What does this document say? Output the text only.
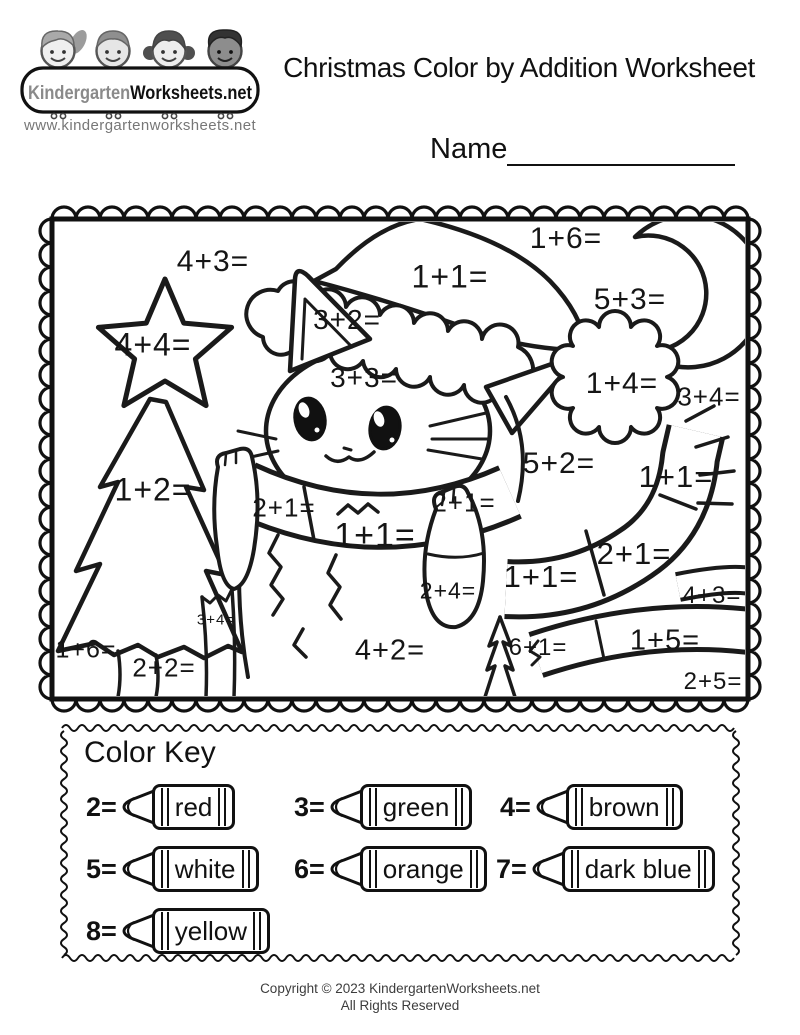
KindergartenWorksheets.net
www.kindergartenworksheets.net
Christmas Color by Addition Worksheet
Name
4+3=
1+6=
1+1=
5+3=
3+2=
4+4=
3+3=	1+4= 3+4=
1+2=
5+2= 1+1=
2+1=	2+1=
1+1=	2+1=
1+1=
2+4=
3+4=
4+3=
1+5=
6+1=
1+6=
2+2=
4+2=
2+5=
Color Key
2= red	3= green 4= brown
5= white 6= orange 7= dark blue
8= yellow
Copyright © 2023 KindergartenWorksheets.net
All Rights Reserved
